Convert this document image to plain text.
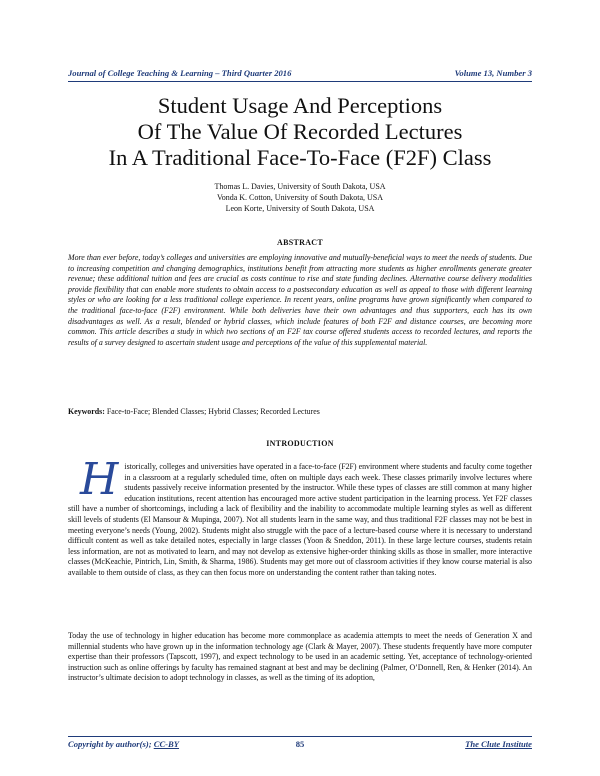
Journal of College Teaching & Learning – Third Quarter 2016	Volume 13, Number 3
Student Usage And Perceptions
Of The Value Of Recorded Lectures
In A Traditional Face-To-Face (F2F) Class
Thomas L. Davies, University of South Dakota, USA
Vonda K. Cotton, University of South Dakota, USA
Leon Korte, University of South Dakota, USA
ABSTRACT
More than ever before, today’s colleges and universities are employing innovative and mutually-beneficial ways to meet the needs of students. Due to increasing competition and changing demographics, institutions benefit from attracting more students as higher enrollments generate greater revenue; these additional tuition and fees are crucial as costs continue to rise and state funding declines. Alternative course delivery modalities provide flexibility that can enable more students to obtain access to a postsecondary education as well as appeal to those with different learning styles or who are looking for a less traditional college experience. In recent years, online programs have grown significantly when compared to the traditional face-to-face (F2F) environment. While both deliveries have their own advantages and thus supporters, each has its own disadvantages as well. As a result, blended or hybrid classes, which include features of both F2F and distance courses, are becoming more common. This article describes a study in which two sections of an F2F tax course offered students access to recorded lectures, and reports the results of a survey designed to ascertain student usage and perceptions of the value of this supplemental material.
Keywords: Face-to-Face; Blended Classes; Hybrid Classes; Recorded Lectures
INTRODUCTION
H istorically, colleges and universities have operated in a face-to-face (F2F) environment where students and faculty come together in a classroom at a regularly scheduled time, often on multiple days each week. These classes primarily involve lectures where students passively receive information presented by the instructor. While these types of classes are still common at many higher education institutions, recent attention has encouraged more active student participation in the learning process. Yet F2F classes still have a number of shortcomings, including a lack of flexibility and the inability to accommodate multiple learning styles as well as different skill levels of students (El Mansour & Mupinga, 2007). Not all students learn in the same way, and thus traditional F2F classes may not be best in meeting everyone’s needs (Young, 2002). Students might also struggle with the pace of a lecture-based course where it is necessary to understand difficult content as well as take detailed notes, especially in large classes (Yoon & Sneddon, 2011). In these large lecture courses, students retain less information, are not as motivated to learn, and may not develop as extensive higher-order thinking skills as those in smaller, more interactive classes (McKeachie, Pintrich, Lin, Smith, & Sharma, 1986). Students may get more out of classroom activities if they know course material is also available to them outside of class, as they can then focus more on understanding the content rather than taking notes.
Today the use of technology in higher education has become more commonplace as academia attempts to meet the needs of Generation X and millennial students who have grown up in the information technology age (Clark & Mayer, 2007). These students frequently have more computer expertise than their professors (Tapscott, 1997), and expect technology to be used in an academic setting. Yet, acceptance of technology-oriented instruction such as online offerings by faculty has remained stagnant at best and may be declining (Palmer, O’Donnell, Ren, & Henker (2014). An instructor’s ultimate decision to adopt technology in classes, as well as the timing of its adoption,
Copyright by author(s); CC-BY	85	The Clute Institute
